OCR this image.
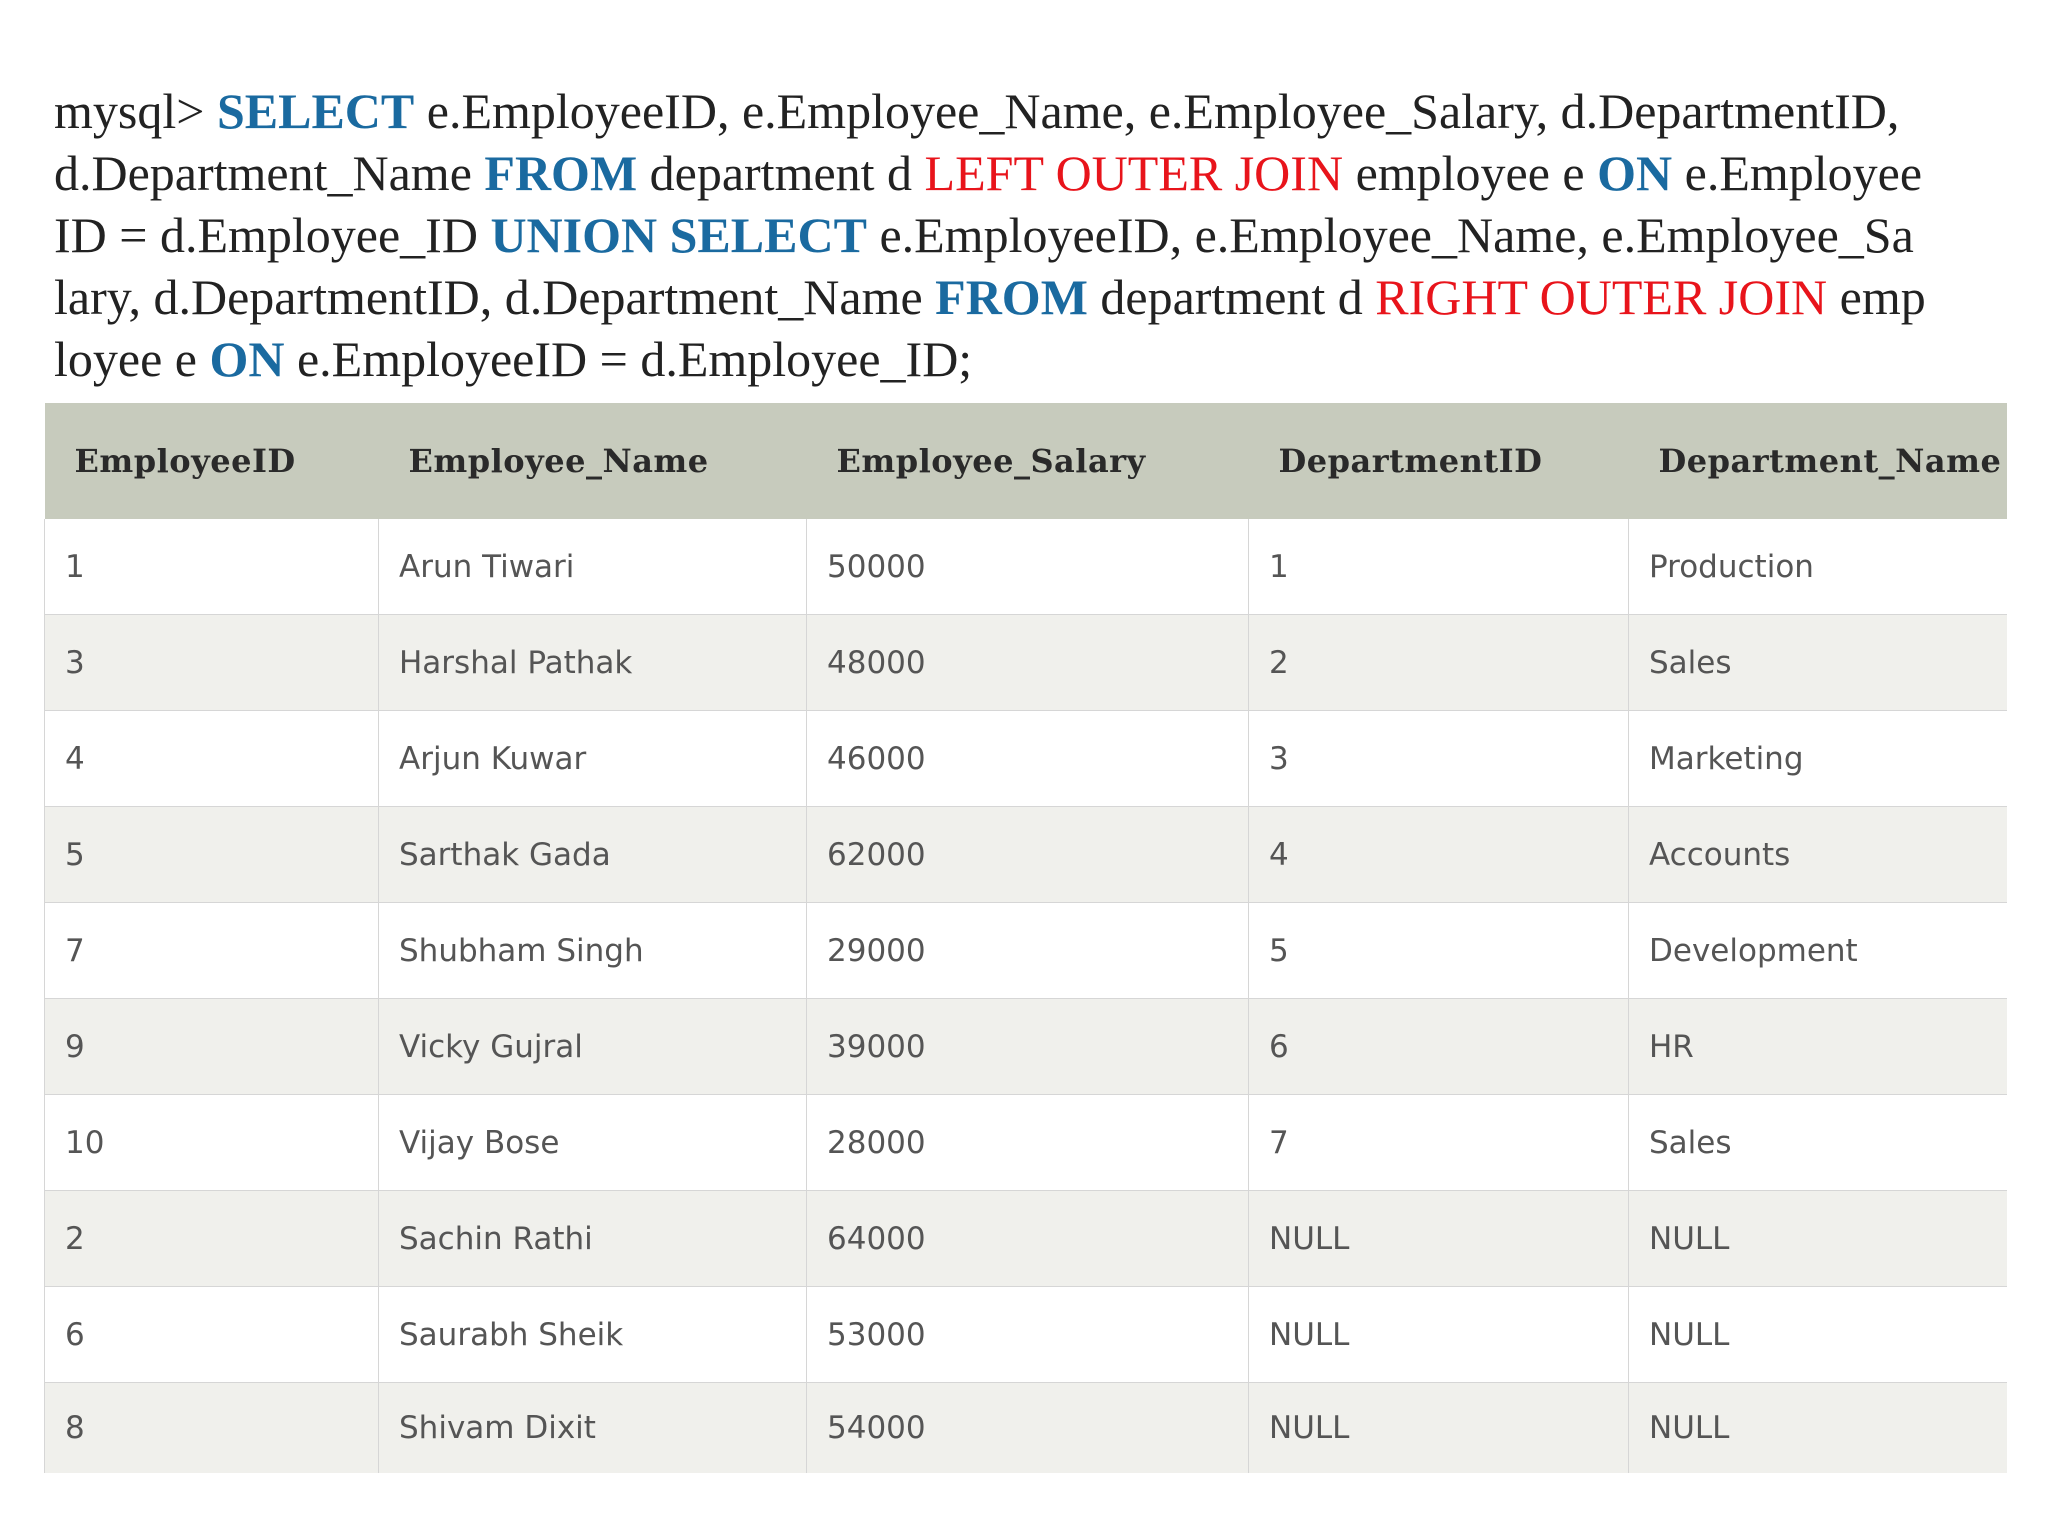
mysql> SELECT e.EmployeeID, e.Employee_Name, e.Employee_Salary, d.DepartmentID,
d.Department_Name FROM department d LEFT OUTER JOIN employee e ON e.Employee
ID = d.Employee_ID UNION SELECT e.EmployeeID, e.Employee_Name, e.Employee_Sa
lary, d.DepartmentID, d.Department_Name FROM department d RIGHT OUTER JOIN emp
loyee e ON e.EmployeeID = d.Employee_ID;
EmployeeID	Employee_Name	Employee_Salary	DepartmentID	Department_Name
1	Arun Tiwari	50000	1	Production
3	Harshal Pathak	48000	2	Sales
4	Arjun Kuwar	46000	3	Marketing
5	Sarthak Gada	62000	4	Accounts
7	Shubham Singh	29000	5	Development
9	Vicky Gujral	39000	6	HR
10	Vijay Bose	28000	7	Sales
2	Sachin Rathi	64000	NULL	NULL
6	Saurabh Sheik	53000	NULL	NULL
8	Shivam Dixit	54000	NULL	NULL
